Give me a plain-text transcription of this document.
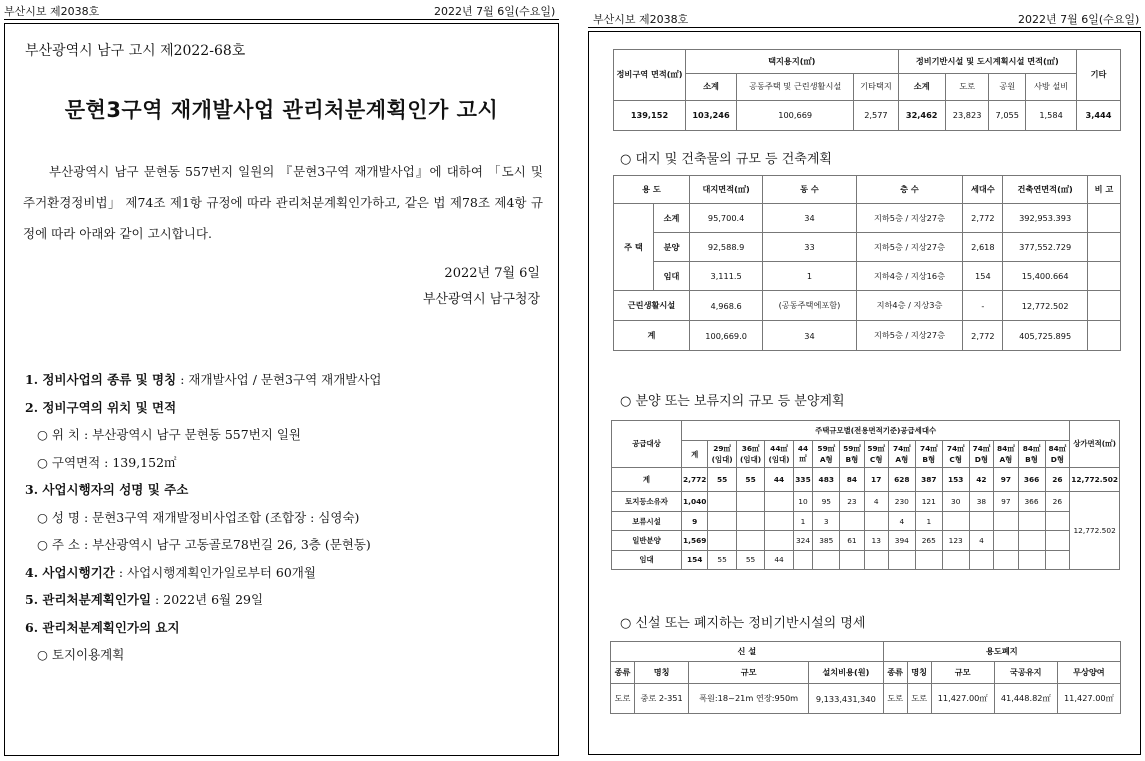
부산시보 제2038호	2022년 7월 6일(수요일)
부산시보 제2038호	2022년 7월 6일(수요일)
부산광역시 남구 고시 제2022-68호
문현3구역 재개발사업 관리처분계획인가 고시
부산광역시 남구 문현동 557번지 일원의 『문현3구역 재개발사업』에 대하여 「도시 및 주거환경정비법」 제74조 제1항 규정에 따라 관리처분계획인가하고, 같은 법 제78조 제4항 규정에 따라 아래와 같이 고시합니다.
2022년 7월 6일
부산광역시 남구청장
1. 정비사업의 종류 및 명칭 : 재개발사업 / 문현3구역 재개발사업
2. 정비구역의 위치 및 면적
○ 위 치 : 부산광역시 남구 문현동 557번지 일원
○ 구역면적 : 139,152㎡
3. 사업시행자의 성명 및 주소
○ 성 명 : 문현3구역 재개발정비사업조합 (조합장 : 심영숙)
○ 주 소 : 부산광역시 남구 고동골로78번길 26, 3층 (문현동)
4. 사업시행기간 : 사업시행계획인가일로부터 60개월
5. 관리처분계획인가일 : 2022년 6월 29일
6. 관리처분계획인가의 요지
○ 토지이용계획
정비구역 면적(㎡)	택지용지(㎡)			정비기반시설 및 도시계획시설 면적(㎡)				기타
	소계	공동주택 및 근린생활시설	기타택지	소계	도로	공원	사방 설비	
139,152	103,246	100,669	2,577	32,462	23,823	7,055	1,584	3,444
○ 대지 및 건축물의 규모 등 건축계획
용 도		대지면적(㎡)	동 수	층 수	세대수	건축연면적(㎡)	비 고
주 택	소계	95,700.4	34	지하5층 / 지상27층	2,772	392,953.393	
	분양	92,588.9	33	지하5층 / 지상27층	2,618	377,552.729	
	임대	3,111.5	1	지하4층 / 지상16층	154	15,400.664	
근린생활시설		4,968.6	(공동주택에포함)	지하4층 / 지상3층	-	12,772.502	
계		100,669.0	34	지하5층 / 지상27층	2,772	405,725.895	
○ 분양 또는 보류지의 규모 등 분양계획
공급대상	주택규모별(전용면적기준)공급세대수															상가면적(㎡)
	계	29㎡ (임대)	36㎡ (임대)	44㎡ (임대)	44㎡	59㎡ A형	59㎡ B형	59㎡ C형	74㎡ A형	74㎡ B형	74㎡ C형	74㎡ D형	84㎡ A형	84㎡ B형	84㎡ D형	
계	2,772	55	55	44	335	483	84	17	628	387	153	42	97	366	26	12,772.502
토지등소유자	1,040				10	95	23	4	230	121	30	38	97	366	26	12,772.502
보류시설	9				1	3			4	1						
일반분양	1,569				324	385	61	13	394	265	123	4				
임대	154	55	55	44												
○ 신설 또는 폐지하는 정비기반시설의 명세
신 설				용도폐지				
종류	명칭	규모	설치비용(원)	종류	명칭	규모	국공유지	무상양여
도로	중로 2-351	폭원:18~21m 연장:950m	9,133,431,340	도로	도로	11,427.00㎡	41,448.82㎡	11,427.00㎡
